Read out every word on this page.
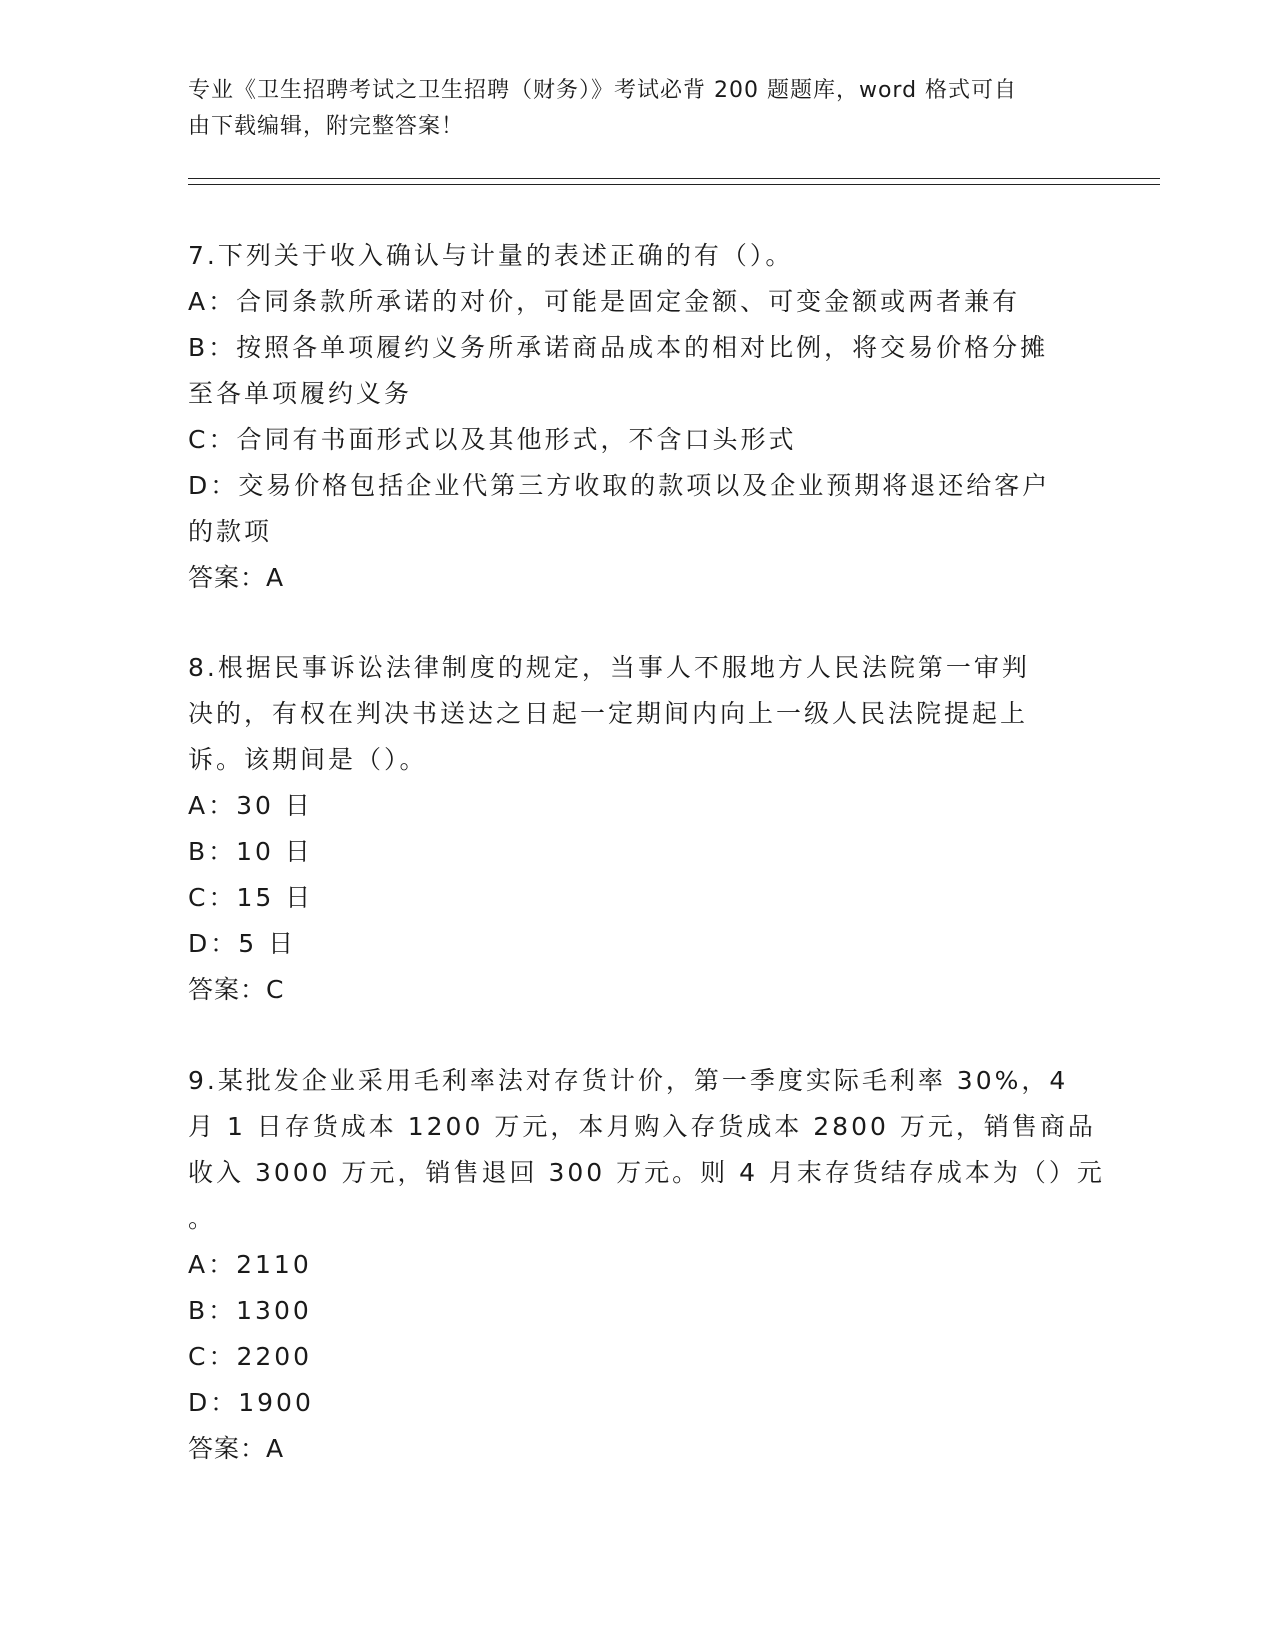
专业《卫生招聘考试之卫生招聘（财务）》考试必背 200 题题库，word 格式可自
由下载编辑，附完整答案！
7.下列关于收入确认与计量的表述正确的有（）。
A：合同条款所承诺的对价，可能是固定金额、可变金额或两者兼有
B：按照各单项履约义务所承诺商品成本的相对比例，将交易价格分摊
至各单项履约义务
C：合同有书面形式以及其他形式，不含口头形式
D：交易价格包括企业代第三方收取的款项以及企业预期将退还给客户
的款项
答案：A
8.根据民事诉讼法律制度的规定，当事人不服地方人民法院第一审判
决的，有权在判决书送达之日起一定期间内向上一级人民法院提起上
诉。该期间是（）。
A：30 日
B：10 日
C：15 日
D：5 日
答案：C
9.某批发企业采用毛利率法对存货计价，第一季度实际毛利率 30%，4
月 1 日存货成本 1200 万元，本月购入存货成本 2800 万元，销售商品
收入 3000 万元，销售退回 300 万元。则 4 月末存货结存成本为（）元
。
A：2110
B：1300
C：2200
D：1900
答案：A
